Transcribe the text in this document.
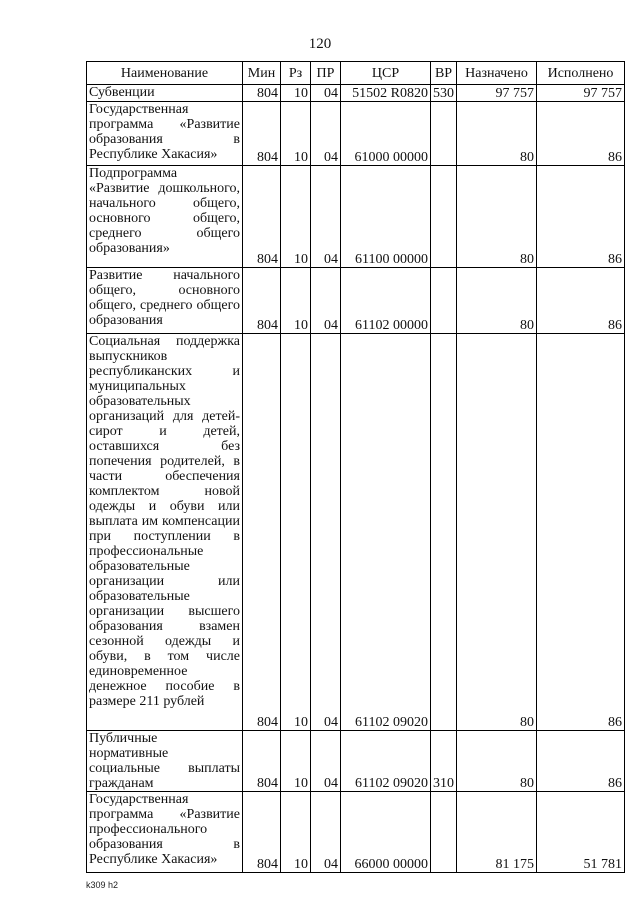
120
Наименование	Мин	Рз	ПР	ЦСР	ВР	Назначено	Исполнено
Субвенции	804	10	04	51502 R0820	530	97 757	97 757

Государственная программа «Развитие образования в Республике Хакасия»	804	10	04	61000 00000		80	86

Подпрограмма «Развитие дошкольного, начального общего, основного общего, среднего общего образования»	804	10	04	61100 00000		80	86

Развитие начального общего, основного общего, среднего общего образования	804	10	04	61102 00000		80	86

Социальная поддержка выпускников республиканских и муниципальных образовательных организаций для детей-сирот и детей, оставшихся без попечения родителей, в части обеспечения комплектом новой одежды и обуви или выплата им компенсации при поступлении в профессиональные образовательные организации или образовательные организации высшего образования взамен сезонной одежды и обуви, в том числе единовременное денежное пособие в размере 211 рублей	804	10	04	61102 09020		80	86

Публичные нормативные социальные выплаты гражданам	804	10	04	61102 09020	310	80	86

Государственная программа «Развитие профессионального образования в Республике Хакасия»	804	10	04	66000 00000		81 175	51 781
k309 h2
